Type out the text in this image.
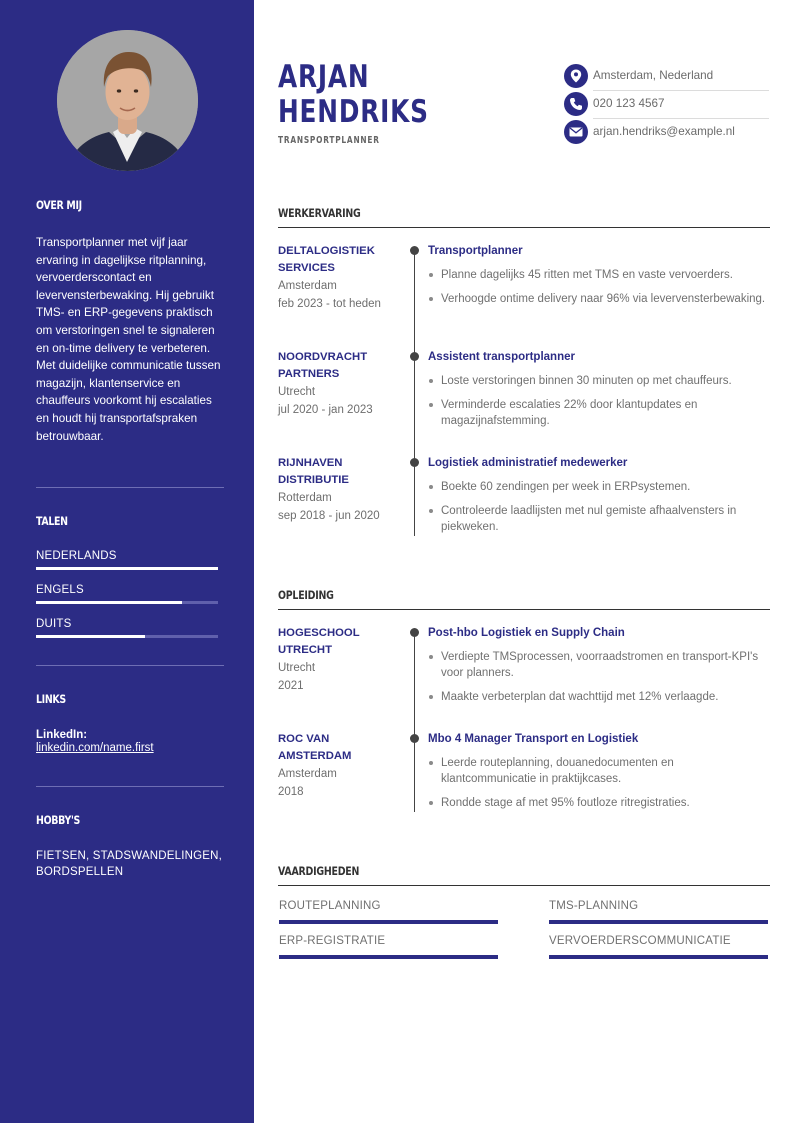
OVER MIJ

Transportplanner met vijf jaar ervaring in dagelijkse ritplanning, vervoerderscontact en levervensterbewaking. Hij gebruikt TMS- en ERP-gegevens praktisch om verstoringen snel te signaleren en on-time delivery te verbeteren. Met duidelijke communicatie tussen magazijn, klantenservice en chauffeurs voorkomt hij escalaties en houdt hij transportafspraken betrouwbaar.

TALEN
NEDERLANDS
ENGELS
DUITS
LINKS
LinkedIn:
linkedin.com/name.first
HOBBY'S
FIETSEN, STADSWANDELINGEN, BORDSPELLEN
ARJAN
HENDRIKS
TRANSPORTPLANNER
Amsterdam, Nederland
020 123 4567
arjan.hendriks@example.nl
WERKERVARING
DELTALOGISTIEK SERVICES
Amsterdam
feb 2023 - tot heden
Transportplanner
Planne dagelijks 45 ritten met TMS en vaste vervoerders.
Verhoogde ontime delivery naar 96% via levervensterbewaking.
NOORDVRACHT PARTNERS
Utrecht
jul 2020 - jan 2023
Assistent transportplanner
Loste verstoringen binnen 30 minuten op met chauffeurs.
Verminderde escalaties 22% door klantupdates en magazijnafstemming.
RIJNHAVEN DISTRIBUTIE
Rotterdam
sep 2018 - jun 2020
Logistiek administratief medewerker
Boekte 60 zendingen per week in ERPsystemen.
Controleerde laadlijsten met nul gemiste afhaalvensters in piekweken.
OPLEIDING
HOGESCHOOL UTRECHT
Utrecht
2021
Post-hbo Logistiek en Supply Chain
Verdiepte TMSprocessen, voorraadstromen en transport-KPI's voor planners.
Maakte verbeterplan dat wachttijd met 12% verlaagde.
ROC VAN AMSTERDAM
Amsterdam
2018
Mbo 4 Manager Transport en Logistiek
Leerde routeplanning, douanedocumenten en klantcommunicatie in praktijkcases.
Rondde stage af met 95% foutloze ritregistraties.
VAARDIGHEDEN
ROUTEPLANNING	TMS-PLANNING
ERP-REGISTRATIE	VERVOERDERSCOMMUNICATIE
